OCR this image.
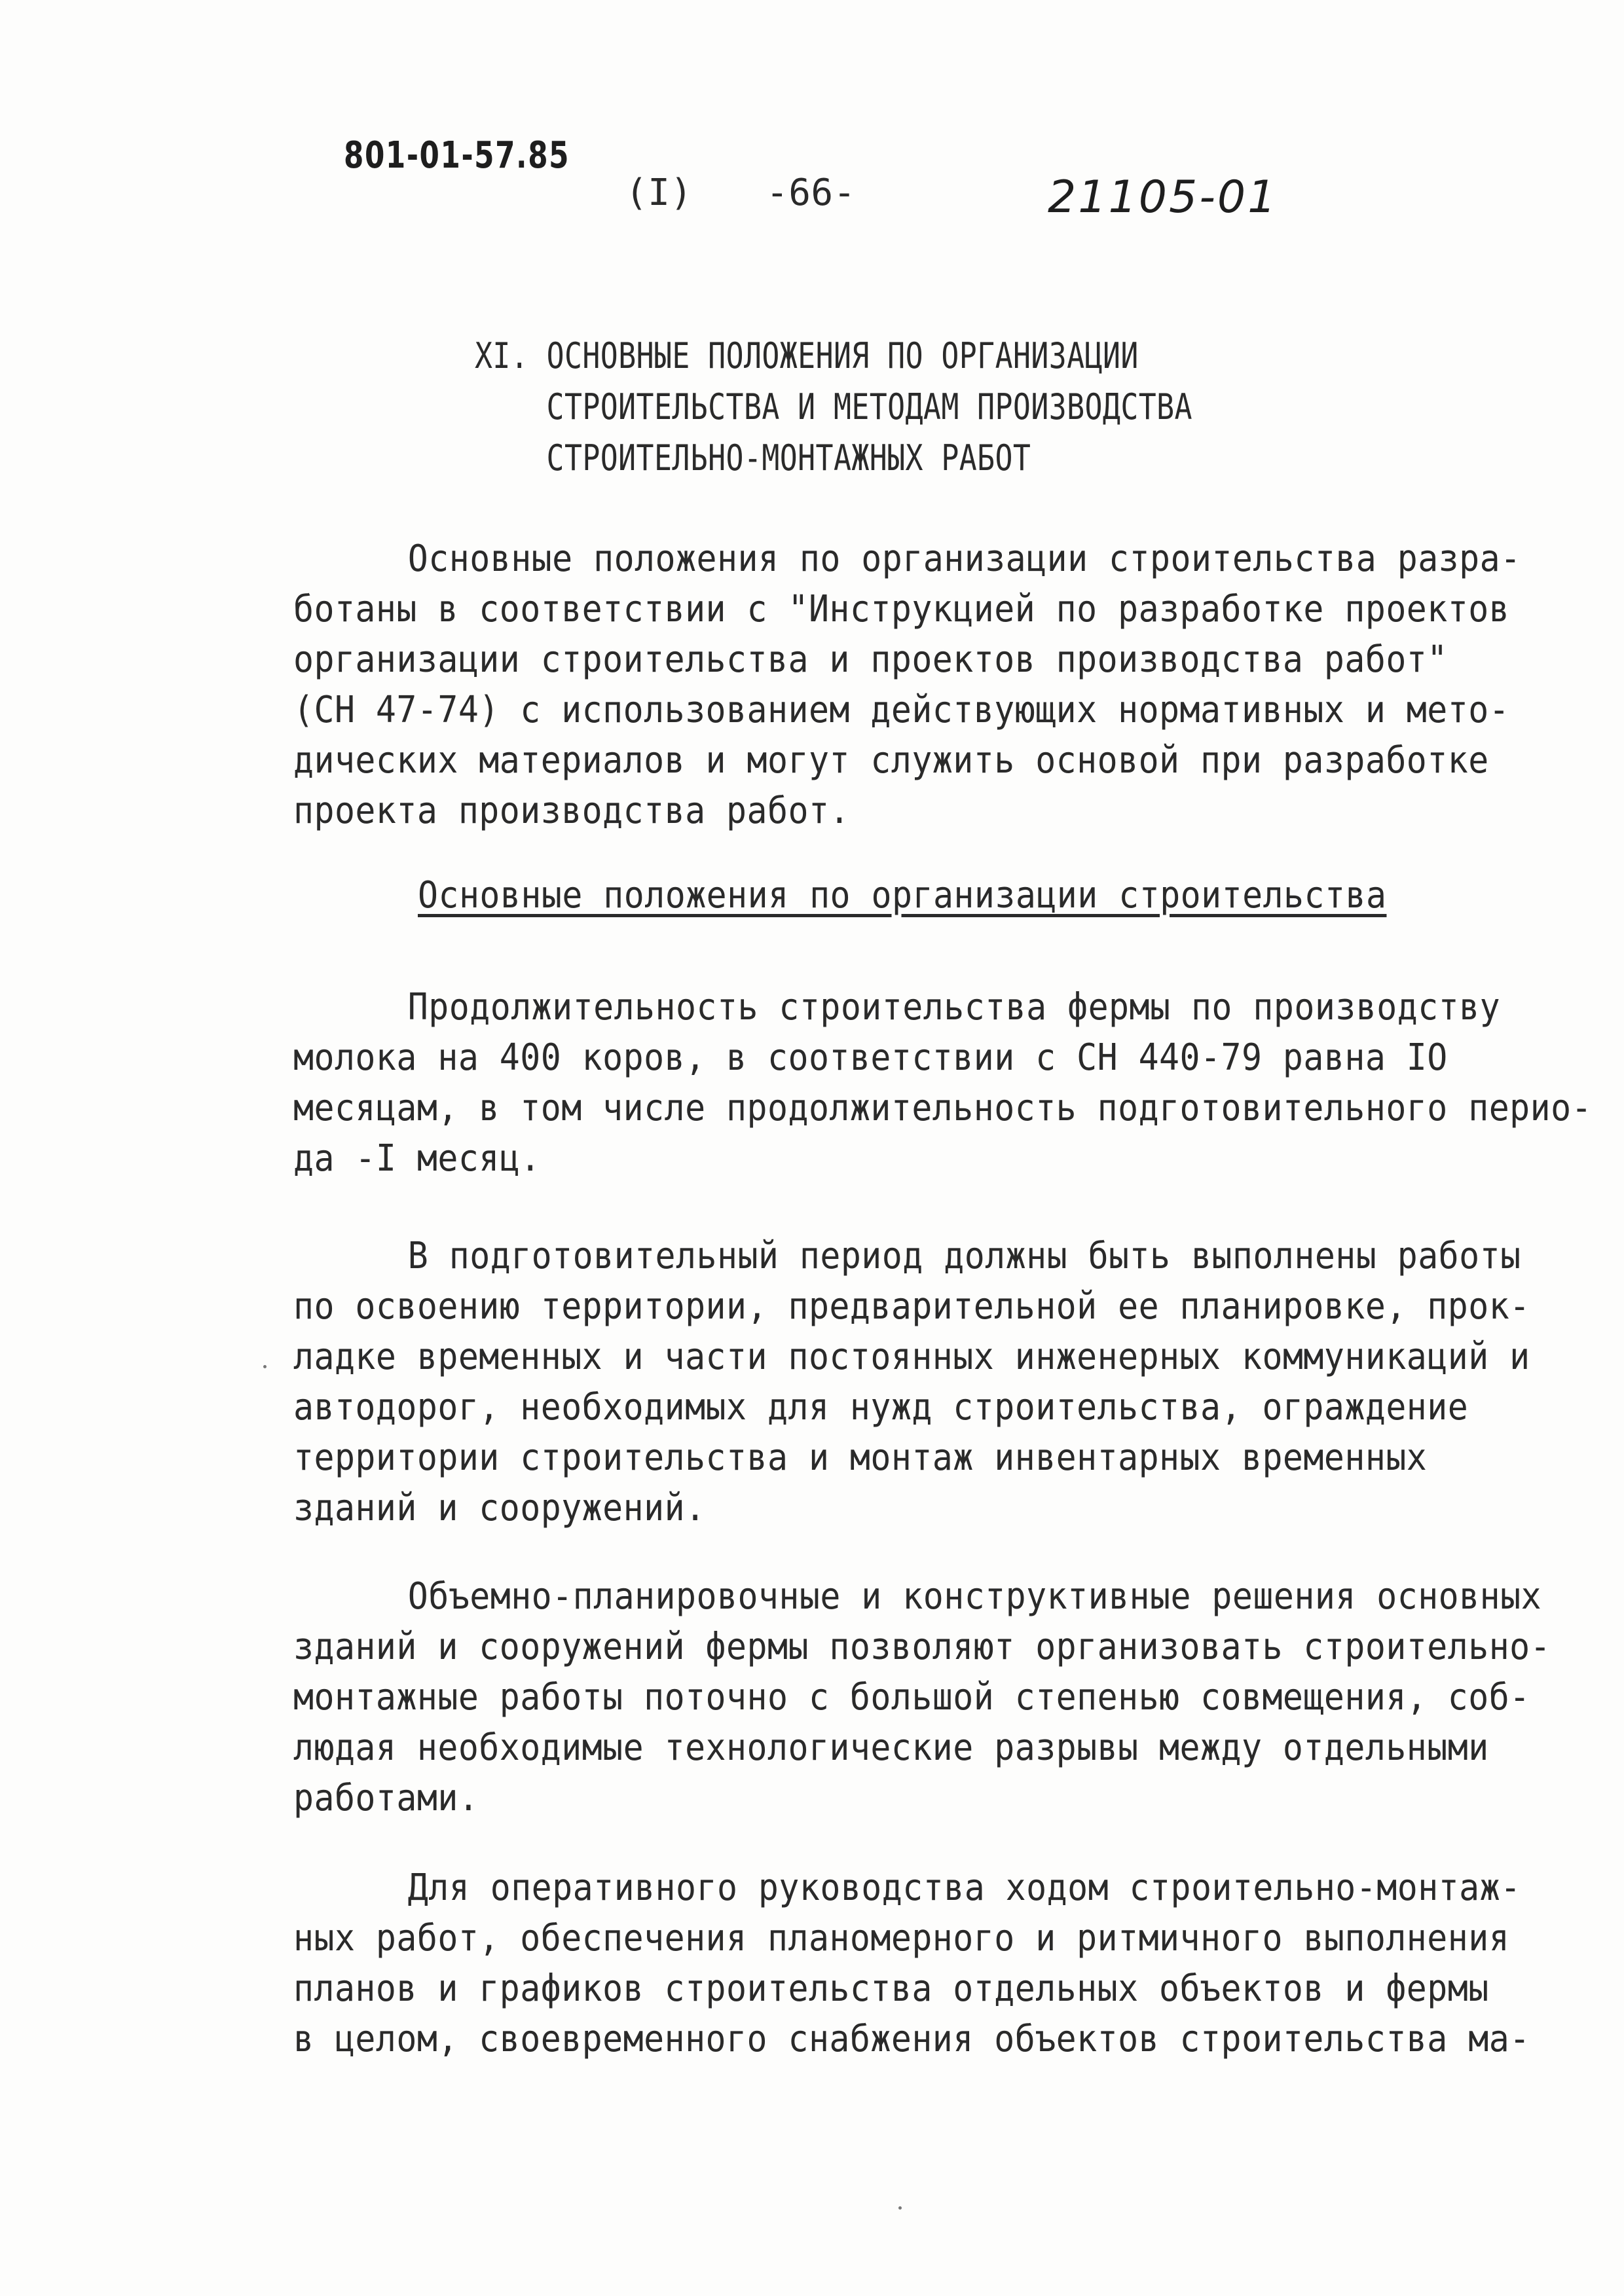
801-01-57.85
(I) -66-	21105-01
XI. ОСНОВНЫЕ ПОЛОЖЕНИЯ ПО ОРГАНИЗАЦИИ
СТРОИТЕЛЬСТВА И МЕТОДАМ ПРОИЗВОДСТВА
СТРОИТЕЛЬНО-МОНТАЖНЫХ РАБОТ
Основные положения по организации строительства разра-
ботаны в соответствии с "Инструкцией по разработке проектов
организации строительства и проектов производства работ"
(СН 47-74) с использованием действующих нормативных и мето-
дических материалов и могут служить основой при разработке
проекта производства работ.
Основные положения по организации строительства
Продолжительность строительства фермы по производству
молока на 400 коров, в соответствии с СН 440-79 равна IO
месяцам, в том числе продолжительность подготовительного перио-
да -I месяц.
В подготовительный период должны быть выполнены работы
по освоению территории, предварительной ее планировке, прок-
ладке временных и части постоянных инженерных коммуникаций и
автодорог, необходимых для нужд строительства, ограждение
территории строительства и монтаж инвентарных временных
зданий и сооружений.
Объемно-планировочные и конструктивные решения основных
зданий и сооружений фермы позволяют организовать строительно-
монтажные работы поточно с большой степенью совмещения, соб-
людая необходимые технологические разрывы между отдельными
работами.
Для оперативного руководства ходом строительно-монтаж-
ных работ, обеспечения планомерного и ритмичного выполнения
планов и графиков строительства отдельных объектов и фермы
в целом, своевременного снабжения объектов строительства ма-
